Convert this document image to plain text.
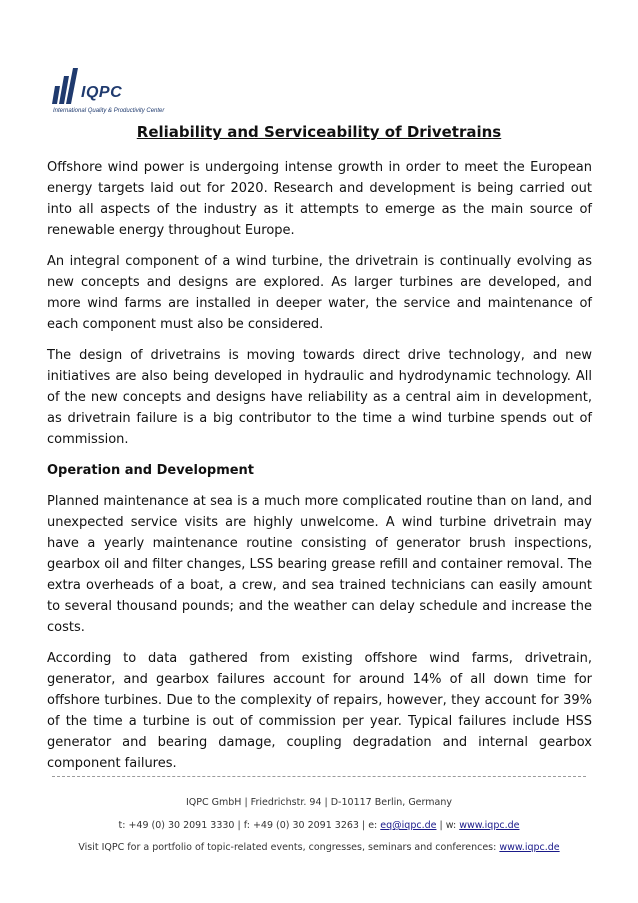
IQPC
International Quality & Productivity Center
Reliability and Serviceability of Drivetrains

Offshore wind power is undergoing intense growth in order to meet the European energy targets laid out for 2020. Research and development is being carried out into all aspects of the industry as it attempts to emerge as the main source of renewable energy throughout Europe.

An integral component of a wind turbine, the drivetrain is continually evolving as new concepts and designs are explored. As larger turbines are developed, and more wind farms are installed in deeper water, the service and maintenance of each component must also be considered.

The design of drivetrains is moving towards direct drive technology, and new initiatives are also being developed in hydraulic and hydrodynamic technology. All of the new concepts and designs have reliability as a central aim in development, as drivetrain failure is a big contributor to the time a wind turbine spends out of commission.

Operation and Development

Planned maintenance at sea is a much more complicated routine than on land, and unexpected service visits are highly unwelcome. A wind turbine drivetrain may have a yearly maintenance routine consisting of generator brush inspections, gearbox oil and filter changes, LSS bearing grease refill and container removal. The extra overheads of a boat, a crew, and sea trained technicians can easily amount to several thousand pounds; and the weather can delay schedule and increase the costs.

According to data gathered from existing offshore wind farms, drivetrain, generator, and gearbox failures account for around 14% of all down time for offshore turbines. Due to the complexity of repairs, however, they account for 39% of the time a turbine is out of commission per year. Typical failures include HSS generator and bearing damage, coupling degradation and internal gearbox component failures.

IQPC GmbH | Friedrichstr. 94 | D-10117 Berlin, Germany
t: +49 (0) 30 2091 3330 | f: +49 (0) 30 2091 3263 | e: eq@iqpc.de | w: www.iqpc.de
Visit IQPC for a portfolio of topic-related events, congresses, seminars and conferences: www.iqpc.de
